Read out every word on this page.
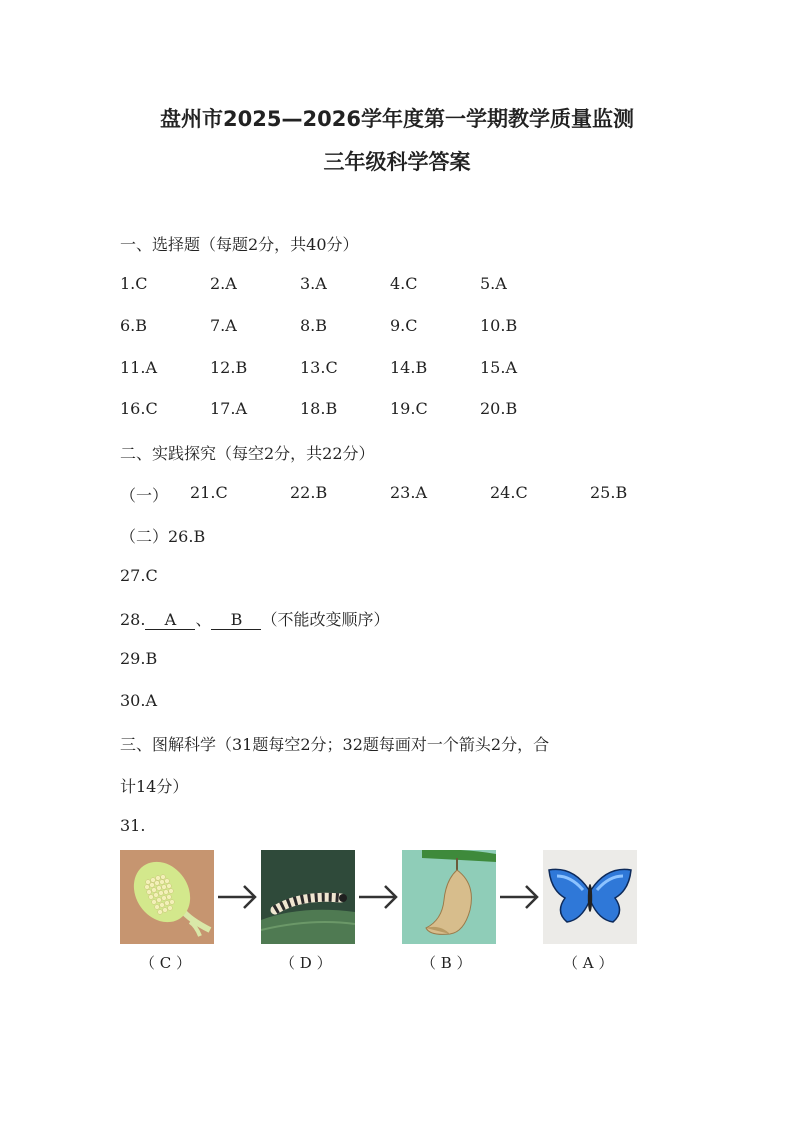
盘州市2025—2026学年度第一学期教学质量监测
三年级科学答案
一、选择题（每题2分，共40分）
1.C	2.A	3.A	4.C	5.A
6.B	7.A	8.B	9.C	10.B
11.A	12.B	13.C	14.B	15.A
16.C	17.A	18.B	19.C	20.B
二、实践探究（每空2分，共22分）
（一） 21.C	22.B	23.A	24.C	25.B
（二）26.B
27.C
28. A 、 B （不能改变顺序）
29.B
30.A
三、图解科学（31题每空2分；32题每画对一个箭头2分，合
计14分）
31.
（ C ）	（ D ）	（ B ）	（ A ）
